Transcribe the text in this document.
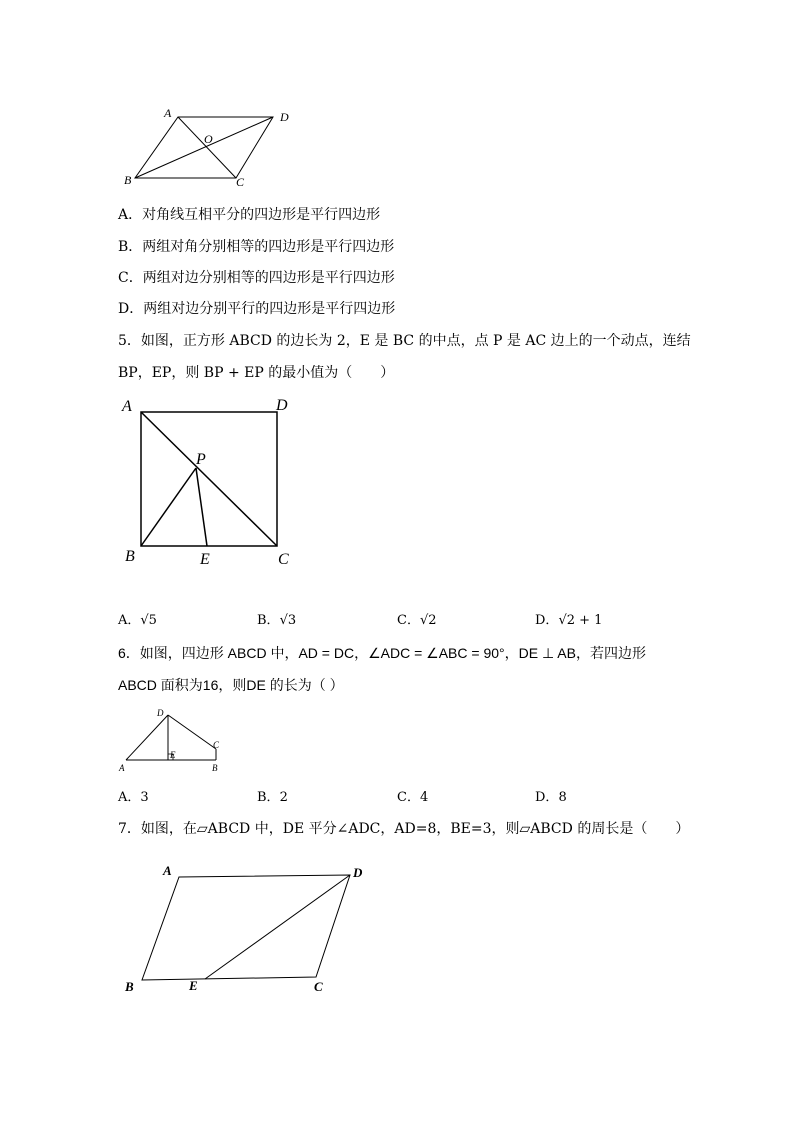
A	D
O
B	C
A．对角线互相平分的四边形是平行四边形
B．两组对角分别相等的四边形是平行四边形
C．两组对边分别相等的四边形是平行四边形
D．两组对边分别平行的四边形是平行四边形
5．如图，正方形 ABCD 的边长为 2，E 是 BC 的中点，点 P 是 AC 边上的一个动点，连结
BP，EP，则 BP + EP 的最小值为（　　）
A	D
P
B	E	C
A．√5	B．√3	C．√2	D．√2 + 1
6．如图，四边形 ABCD 中，AD = DC，∠ADC = ∠ABC = 90°，DE ⊥ AB，若四边形
ABCD 面积为16，则DE 的长为（ ）
D
C
A
E
B
A．3	B．2	C．4	D．8
7．如图，在▱ABCD 中，DE 平分∠ADC，AD=8，BE=3，则▱ABCD 的周长是（　　）
A	D
B	E	C
